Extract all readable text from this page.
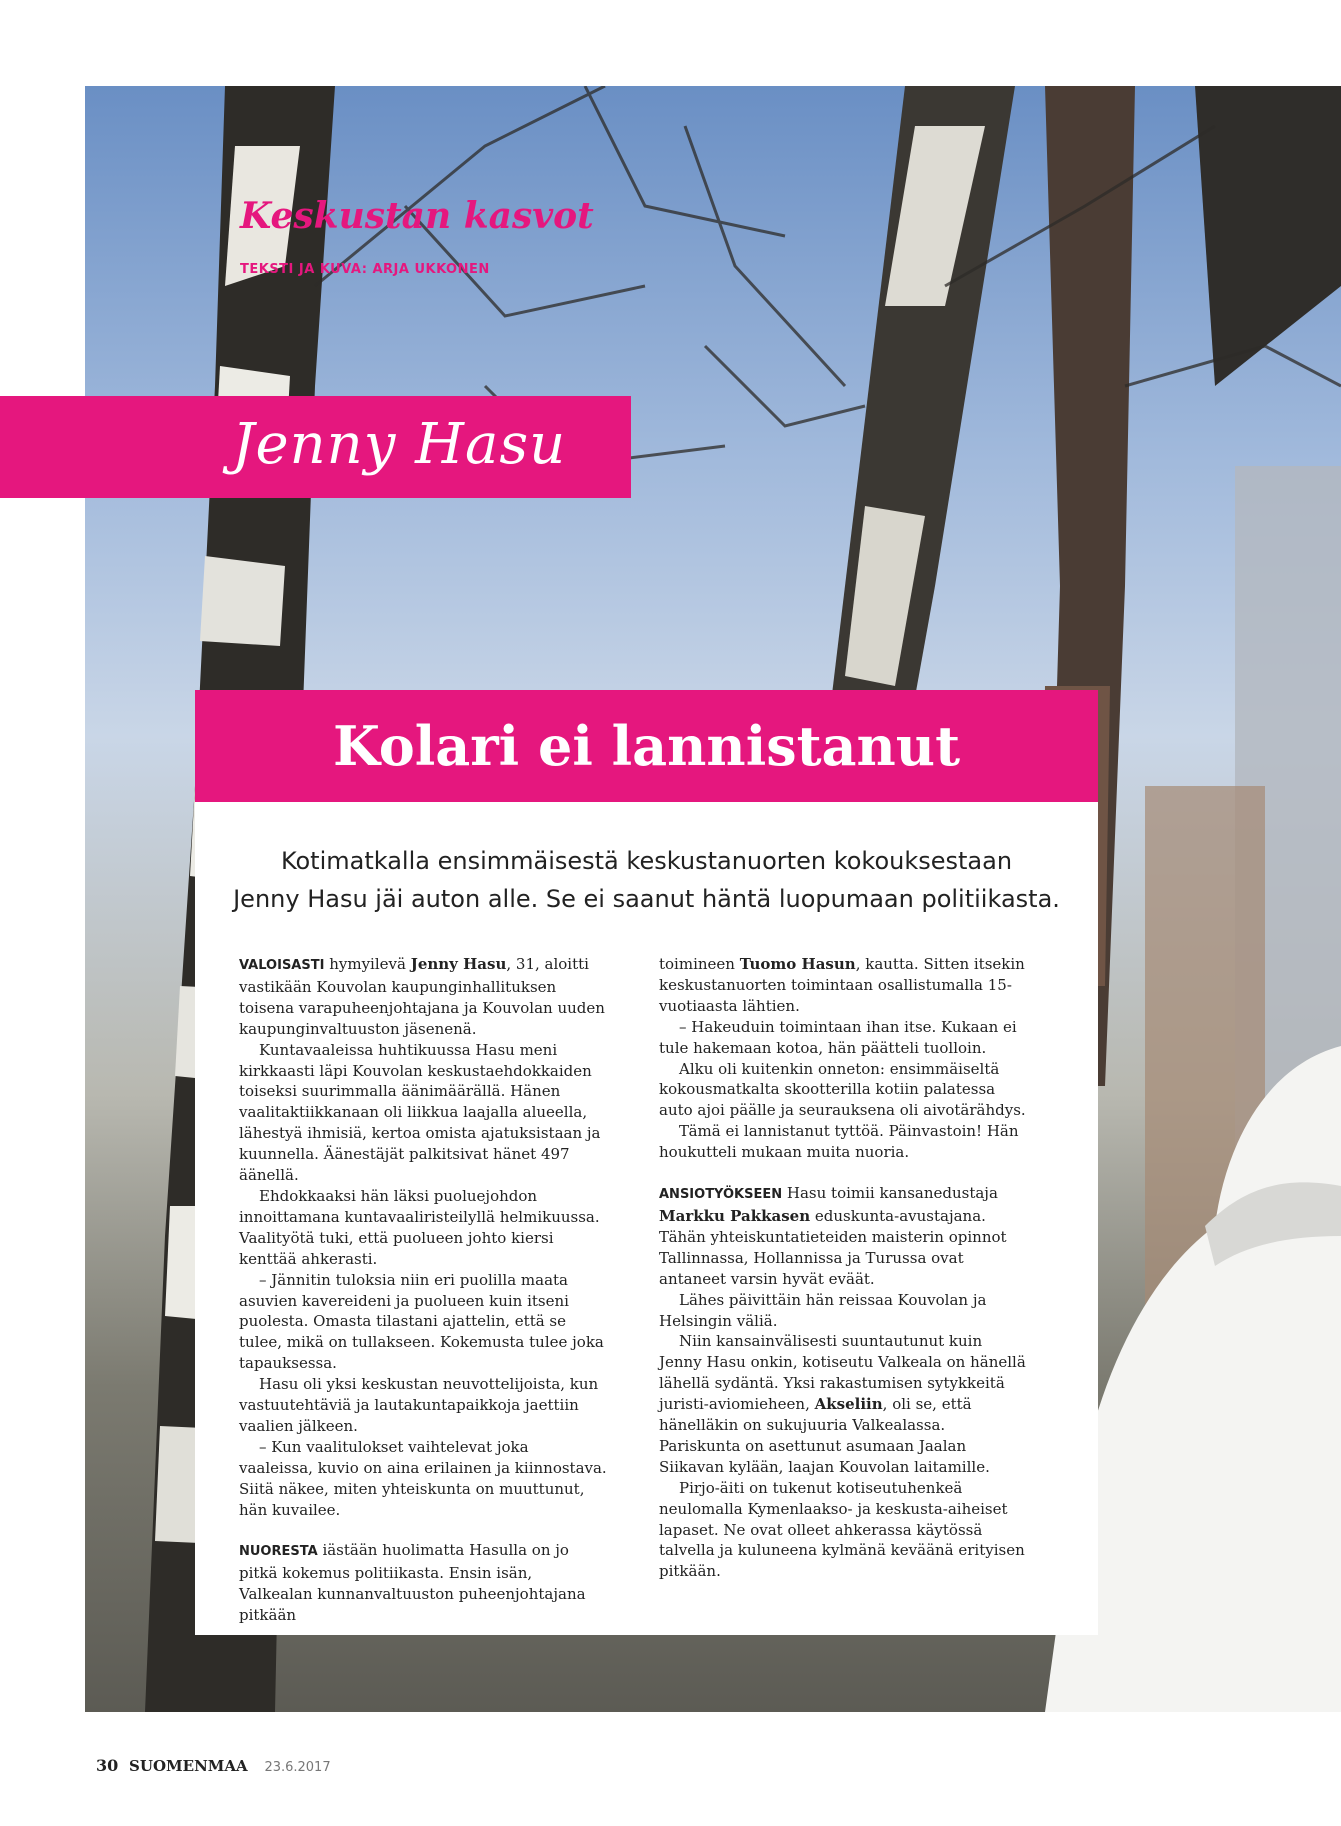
Keskustan kasvot

TEKSTI JA KUVA: ARJA UKKONEN

Jenny Hasu
Kolari ei lannistanut

Kotimatkalla ensimmäisestä keskustanuorten kokouksestaan
Jenny Hasu jäi auton alle. Se ei saanut häntä luopumaan politiikasta.

VALOISASTI hymyilevä Jenny Hasu, 31, aloitti vastikään Kouvolan kaupunginhallituksen toisena varapuheenjohtajana ja Kouvolan uuden kaupunginvaltuuston jäsenenä.

Kuntavaaleissa huhtikuussa Hasu meni kirkkaasti läpi Kouvolan keskustaehdokkaiden toiseksi suurimmalla äänimäärällä. Hänen vaalitaktiikkanaan oli liikkua laajalla alueella, lähestyä ihmisiä, kertoa omista ajatuksistaan ja kuunnella. Äänestäjät palkitsivat hänet 497 äänellä.

Ehdokkaaksi hän läksi puoluejohdon innoittamana kuntavaaliristeilyllä helmikuussa. Vaalityötä tuki, että puolueen johto kiersi kenttää ahkerasti.

– Jännitin tuloksia niin eri puolilla maata asuvien kavereideni ja puolueen kuin itseni puolesta. Omasta tilastani ajattelin, että se tulee, mikä on tullakseen. Kokemusta tulee joka tapauksessa.

Hasu oli yksi keskustan neuvottelijoista, kun vastuutehtäviä ja lautakuntapaikkoja jaettiin vaalien jälkeen.

– Kun vaalitulokset vaihtelevat joka vaaleissa, kuvio on aina erilainen ja kiinnostava. Siitä näkee, miten yhteiskunta on muuttunut, hän kuvailee.

NUORESTA iästään huolimatta Hasulla on jo pitkä kokemus politiikasta. Ensin isän, Valkealan kunnanvaltuuston puheenjohtajana pitkään

toimineen Tuomo Hasun, kautta. Sitten itsekin keskustanuorten toimintaan osallistumalla 15-vuotiaasta lähtien.

– Hakeuduin toimintaan ihan itse. Kukaan ei tule hakemaan kotoa, hän päätteli tuolloin.

Alku oli kuitenkin onneton: ensimmäiseltä kokousmatkalta skootterilla kotiin palatessa auto ajoi päälle ja seurauksena oli aivotärähdys.

Tämä ei lannistanut tyttöä. Päinvastoin! Hän houkutteli mukaan muita nuoria.

ANSIOTYÖKSEEN Hasu toimii kansanedustaja Markku Pakkasen eduskunta-avustajana. Tähän yhteiskuntatieteiden maisterin opinnot Tallinnassa, Hollannissa ja Turussa ovat antaneet varsin hyvät eväät.

Lähes päivittäin hän reissaa Kouvolan ja Helsingin väliä.

Niin kansainvälisesti suuntautunut kuin Jenny Hasu onkin, kotiseutu Valkeala on hänellä lähellä sydäntä. Yksi rakastumisen sytykkeitä juristi-aviomieheen, Akseliin, oli se, että hänelläkin on sukujuuria Valkealassa. Pariskunta on asettunut asumaan Jaalan Siikavan kylään, laajan Kouvolan laitamille.

Pirjo-äiti on tukenut kotiseutuhenkeä neulomalla Kymenlaakso- ja keskusta-aiheiset lapaset. Ne ovat olleet ahkerassa käytössä talvella ja kuluneena kylmänä keväänä erityisen pitkään.

30 SUOMENMAA 23.6.2017
